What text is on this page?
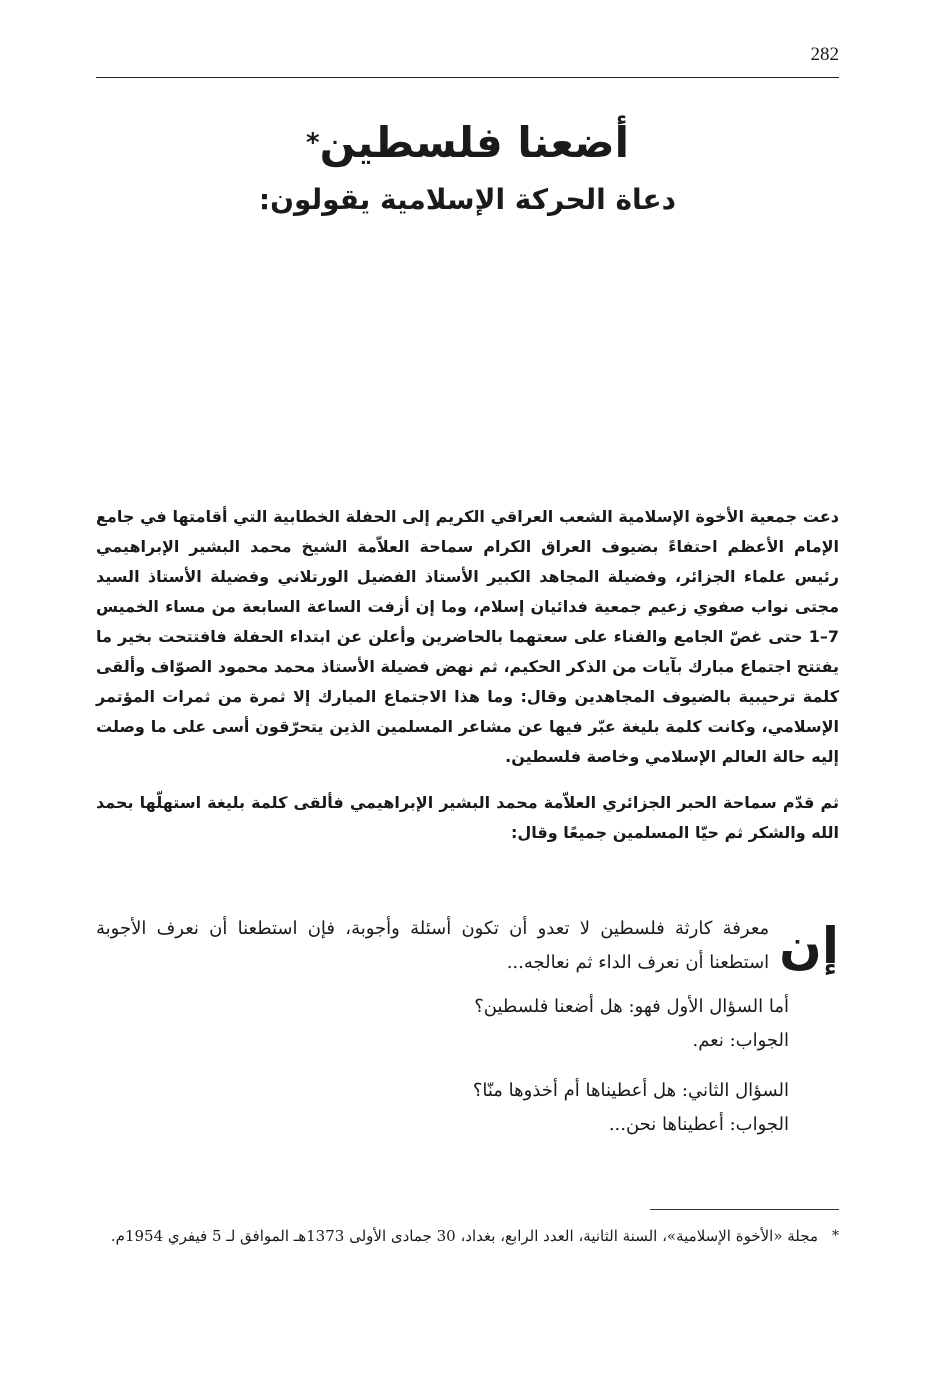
282
أضعنا فلسطين*
دعاة الحركة الإسلامية يقولون:

دعت جمعية الأخوة الإسلامية الشعب العراقي الكريم إلى الحفلة الخطابية التي أقامتها في جامع الإمام الأعظم احتفاءً بضيوف العراق الكرام سماحة العلاّمة الشيخ محمد البشير الإبراهيمي رئيس علماء الجزائر، وفضيلة المجاهد الكبير الأستاذ الفضيل الورتلاني وفضيلة الأستاذ السيد مجتى نواب صفوي زعيم جمعية فدائيان إسلام، وما إن أزفت الساعة السابعة من مساء الخميس 7–1 حتى غصّ الجامع والفناء على سعتهما بالحاضرين وأعلن عن ابتداء الحفلة فافتتحت بخير ما يفتتح اجتماع مبارك بآيات من الذكر الحكيم، ثم نهض فضيلة الأستاذ محمد محمود الصوّاف وألقى كلمة ترحيبية بالضيوف المجاهدين وقال: وما هذا الاجتماع المبارك إلا ثمرة من ثمرات المؤتمر الإسلامي، وكانت كلمة بليغة عبّر فيها عن مشاعر المسلمين الذين يتحرّقون أسى على ما وصلت إليه حالة العالم الإسلامي وخاصة فلسطين.

ثم قدّم سماحة الحبر الجزائري العلاّمة محمد البشير الإبراهيمي فألقى كلمة بليغة استهلّها بحمد الله والشكر ثم حيّا المسلمين جميعًا وقال:

إن

معرفة كارثة فلسطين لا تعدو أن تكون أسئلة وأجوبة، فإن استطعنا أن نعرف الأجوبة استطعنا أن نعرف الداء ثم نعالجه...

أما السؤال الأول فهو: هل أضعنا فلسطين؟
الجواب: نعم.
السؤال الثاني: هل أعطيناها أم أخذوها منّا؟
الجواب: أعطيناها نحن...
*
مجلة «الأخوة الإسلامية»، السنة الثانية، العدد الرابع، بغداد، 30 جمادى الأولى 1373هـ الموافق لـ 5 فيفري 1954م.
